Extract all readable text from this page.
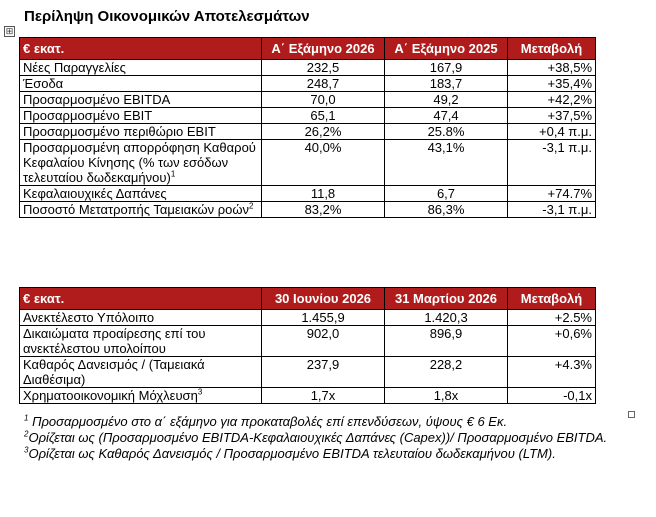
Περίληψη Οικονομικών Αποτελεσμάτων
⊞
€ εκατ.	Α΄ Εξάμηνο 2026	Α΄ Εξάμηνο 2025	Μεταβολή
Νέες Παραγγελίες	232,5	167,9	+38,5%
Έσοδα	248,7	183,7	+35,4%
Προσαρμοσμένο EBITDA	70,0	49,2	+42,2%
Προσαρμοσμένο EBIT	65,1	47,4	+37,5%
Προσαρμοσμένο περιθώριο EBIT	26,2%	25.8%	+0,4 π.μ.
Προσαρμοσμένη απορρόφηση Καθαρού Κεφαλαίου Κίνησης (% των εσόδων τελευταίου δωδεκαμήνου)$^1$	40,0%	43,1%	-3,1 π.μ.
Κεφαλαιουχικές Δαπάνες	11,8	6,7	+74.7%
Ποσοστό Μετατροπής Ταμειακών ροών$^2$	83,2%	86,3%	-3,1 π.μ.
€ εκατ.	30 Ιουνίου 2026	31 Μαρτίου 2026	Μεταβολή
Ανεκτέλεστο Υπόλοιπο	1.455,9	1.420,3	+2.5%
Δικαιώματα προαίρεσης επί του ανεκτέλεστου υπολοίπου	902,0	896,9	+0,6%
Καθαρός Δανεισμός / (Ταμειακά Διαθέσιμα)	237,9	228,2	+4.3%
Χρηματοοικονομική Μόχλευση$^3$	1,7x	1,8x	-0,1x

$^1$ Προσαρμοσμένο στο α΄ εξάμηνο για προκαταβολές επί επενδύσεων, ύψους € 6 Εκ.

$^2$Ορίζεται ως (Προσαρμοσμένο EBITDA-Κεφαλαιουχικές Δαπάνες (Capex))/ Προσαρμοσμένο EBITDA.

$^3$Ορίζεται ως Καθαρός Δανεισμός / Προσαρμοσμένο EBITDA τελευταίου δωδεκαμήνου (LTM).
